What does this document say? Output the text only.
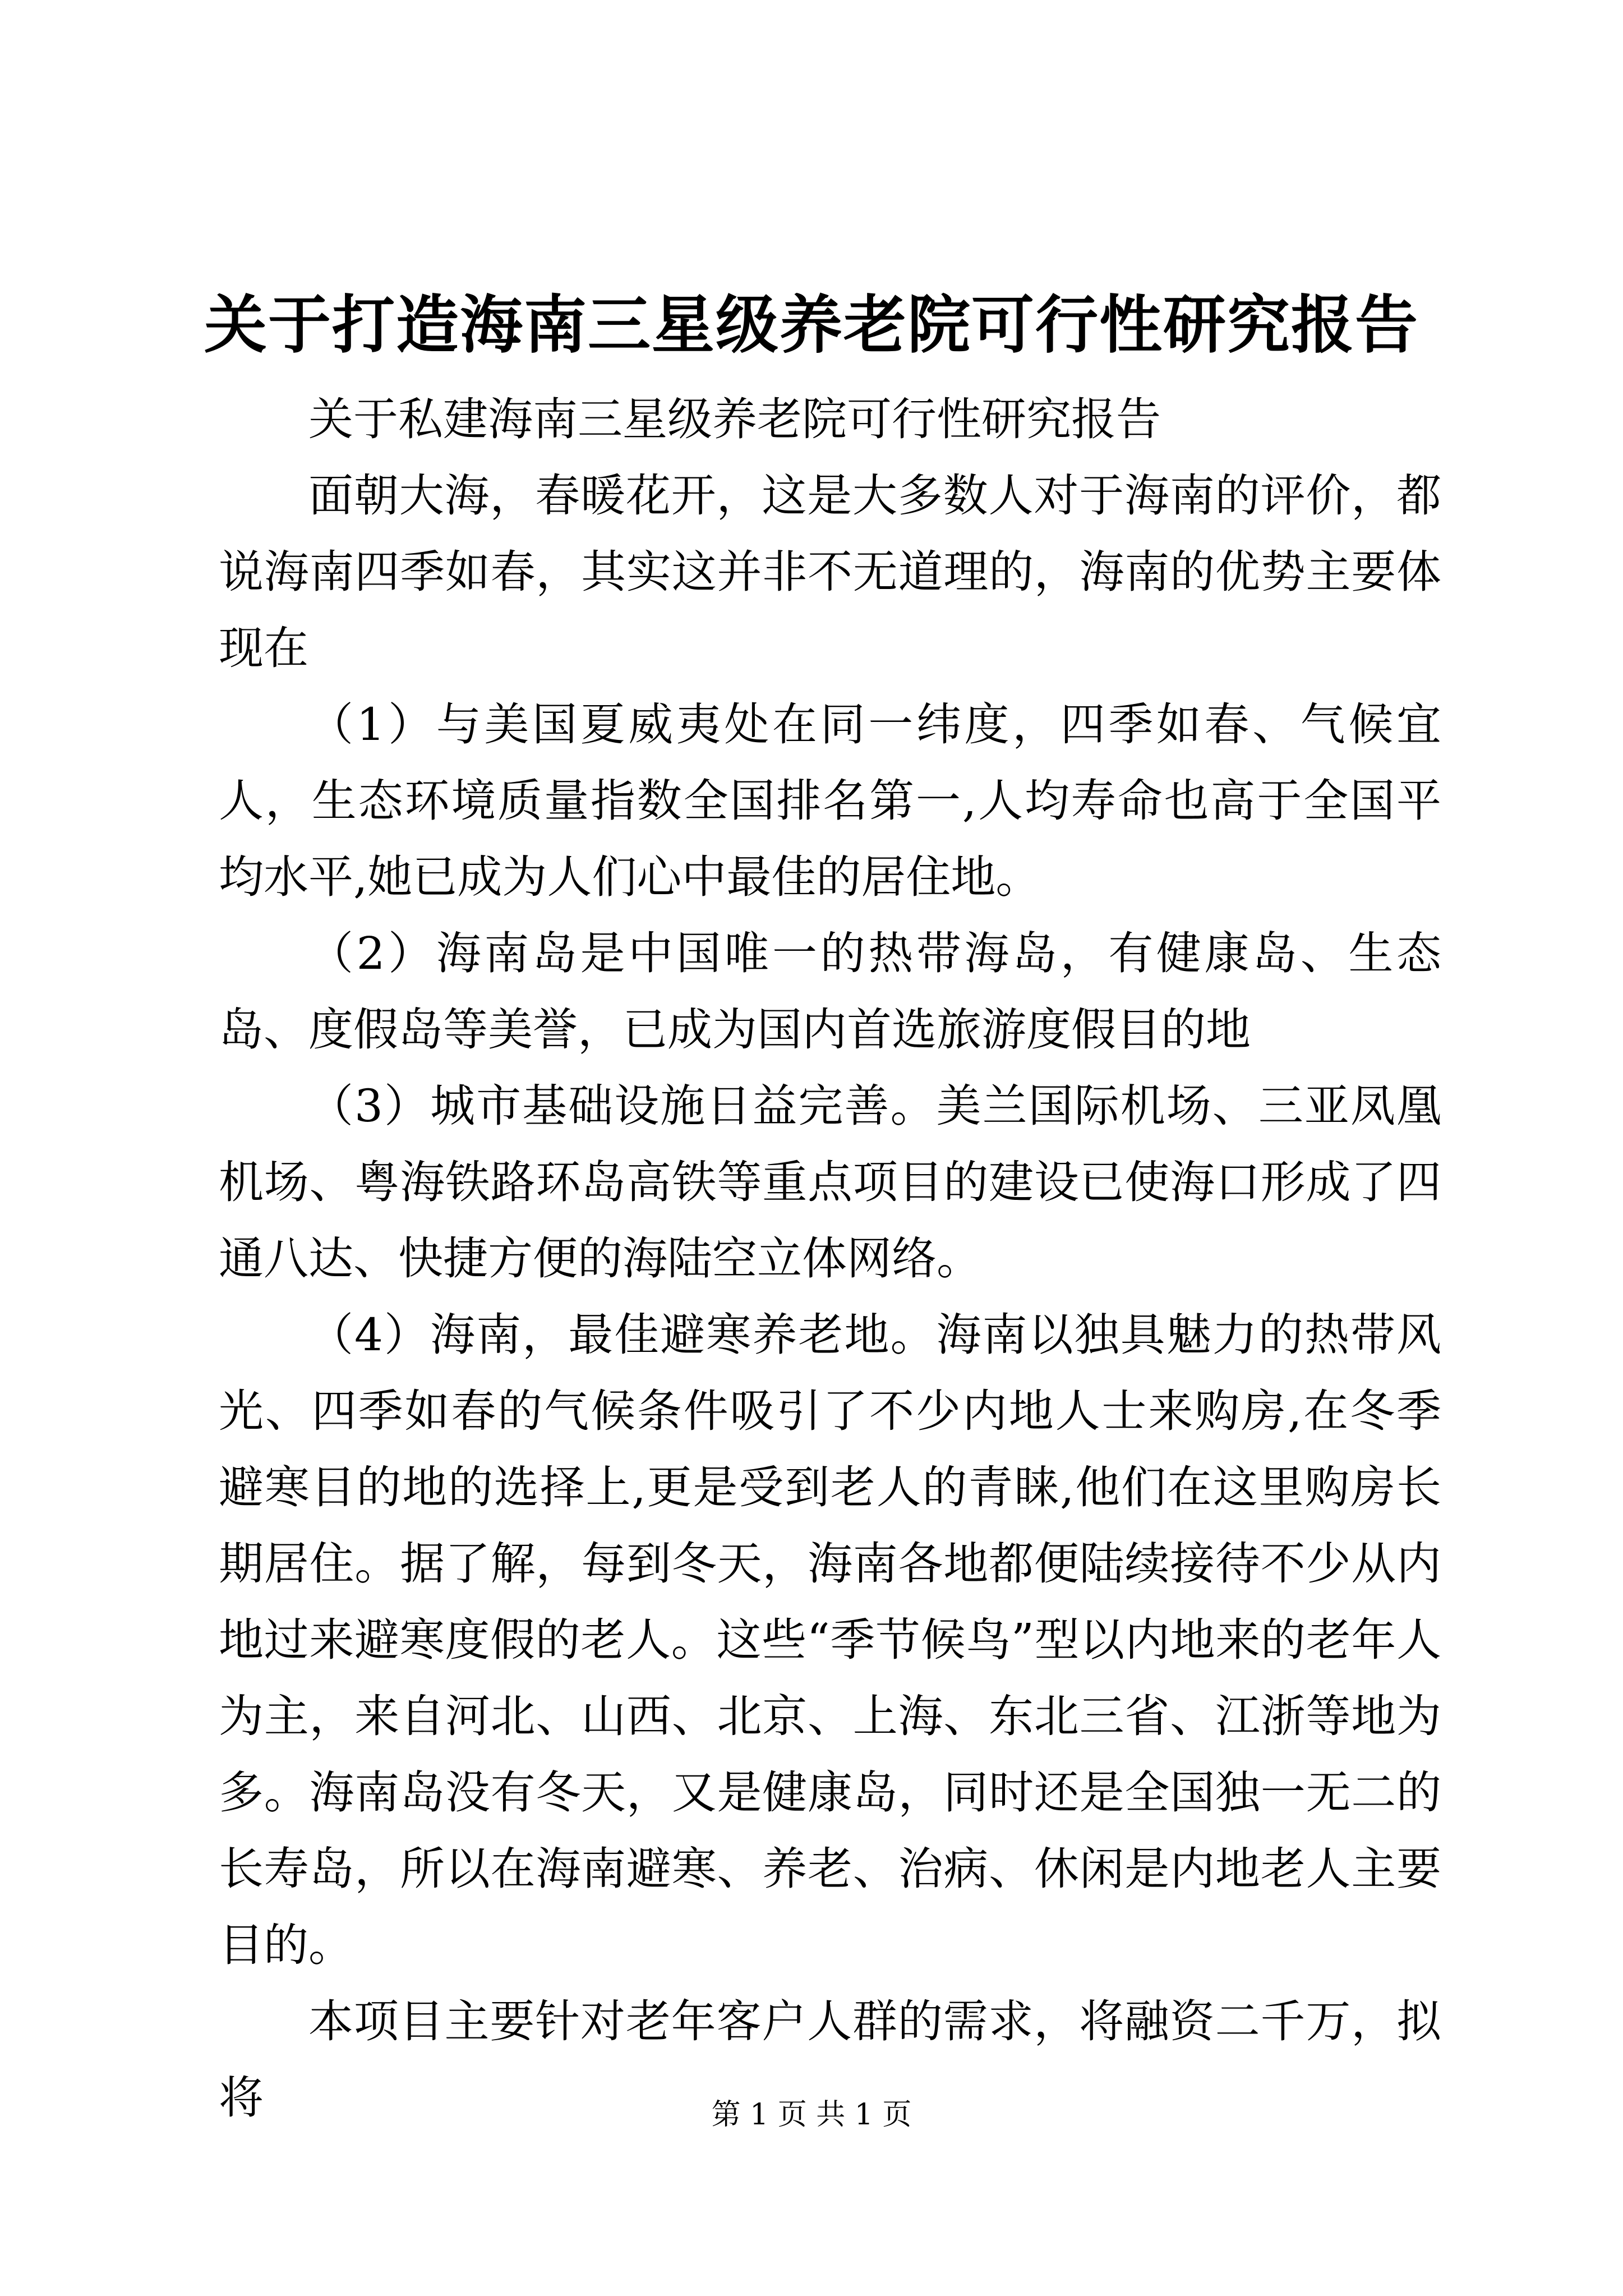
关于打造海南三星级养老院可行性研究报告

关于私建海南三星级养老院可行性研究报告

面朝大海，春暖花开，这是大多数人对于海南的评价，都说海南四季如春，其实这并非不无道理的，海南的优势主要体现在

（1）与美国夏威夷处在同一纬度，四季如春、气候宜人，生态环境质量指数全国排名第一,人均寿命也高于全国平均水平,她已成为人们心中最佳的居住地。

（2）海南岛是中国唯一的热带海岛，有健康岛、生态岛、度假岛等美誉，已成为国内首选旅游度假目的地

（3）城市基础设施日益完善。美兰国际机场、三亚凤凰机场、粤海铁路环岛高铁等重点项目的建设已使海口形成了四通八达、快捷方便的海陆空立体网络。

（4）海南，最佳避寒养老地。海南以独具魅力的热带风光、四季如春的气候条件吸引了不少内地人士来购房,在冬季避寒目的地的选择上,更是受到老人的青睐,他们在这里购房长期居住。据了解，每到冬天，海南各地都便陆续接待不少从内地过来避寒度假的老人。这些“季节候鸟”型以内地来的老年人为主，来自河北、山西、北京、上海、东北三省、江浙等地为多。海南岛没有冬天，又是健康岛，同时还是全国独一无二的长寿岛，所以在海南避寒、养老、治病、休闲是内地老人主要目的。

本项目主要针对老年客户人群的需求，将融资二千万，拟将	第 1 页 共 1 页
